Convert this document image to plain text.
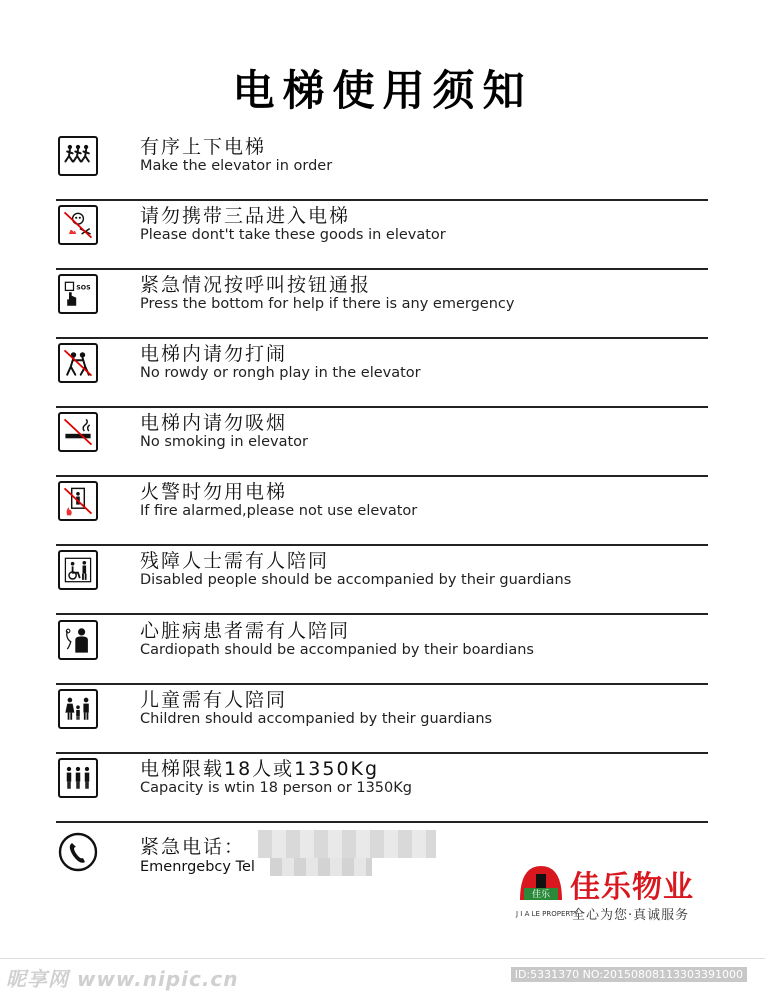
电梯使用须知
有序上下电梯
Make the elevator in order
请勿携带三品进入电梯
Please dont't take these goods in elevator
SOS	紧急情况按呼叫按钮通报
Press the bottom for help if there is any emergency
电梯内请勿打闹
No rowdy or rongh play in the elevator
电梯内请勿吸烟
No smoking in elevator
火警时勿用电梯
If fire alarmed,please not use elevator
残障人士需有人陪同
Disabled people should be accompanied by their guardians
心脏病患者需有人陪同
Cardiopath should be accompanied by their boardians
儿童需有人陪同
Children should accompanied by their guardians
电梯限载18人或1350Kg
Capacity is wtin 18 person or 1350Kg
紧急电话：
Emenrgebcy Tel
佳乐 佳乐物业
J I A LE PROPERTY
全心为您·真诚服务
昵享网 www.nipic.cn	ID:5331370 NO:20150808113303391000
